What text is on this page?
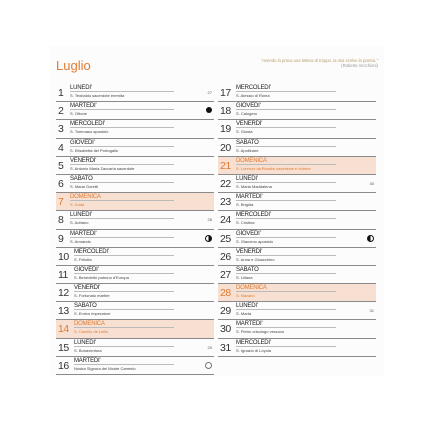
Luglio	"Avendo la prosa una lettera di troppo, la mia scelse la poesia."
(Roberto Vecchioni)
1 LUNEDI'
S. Teobaldo sacerdote eremita
27
2 MARTEDI'
S. Ottone
3 MERCOLEDI'
S. Tommaso apostolo
4 GIOVEDI'
S. Elisabetta del Portogallo
5 VENERDI'
S. Antonio Maria Zaccaria sacerdote
6 SABATO
S. Maria Goretti
7 DOMENICA
S. Edda
8 LUNEDI'
S. Adriano
28
9 MARTEDI'
S. Armando
10 MERCOLEDI'
S. Felicita
11 GIOVEDI'
S. Benedetto patrono d'Europa
12 VENERDI'
S. Fortunato martire
13 SABATO
S. Enrico imperatore
14 DOMENICA
S. Camillo de Lellis
15 LUNEDI'
S. Bonaventura
29
16 MARTEDI'
Nostra Signora del Monte Carmelo
17 MERCOLEDI'
S. Alessio di Roma
18 GIOVEDI'
S. Calogero
19 VENERDI'
S. Giusta
20 SABATO
S. Apollinare
21 DOMENICA
S. Lorenzo da Brindisi sacerdote e dottore
22 LUNEDI'
S. Maria Maddalena
30
23 MARTEDI'
S. Brigida
24 MERCOLEDI'
S. Cristina
25 GIOVEDI'
S. Giacomo apostolo
26 VENERDI'
S. Anna e Gioacchino
27 SABATO
S. Liliana
28 DOMENICA
S. Nazario
29 LUNEDI'
S. Marta
31
30 MARTEDI'
S. Pietro crisologo vescovo
31 MERCOLEDI'
S. Ignazio di Loyola
